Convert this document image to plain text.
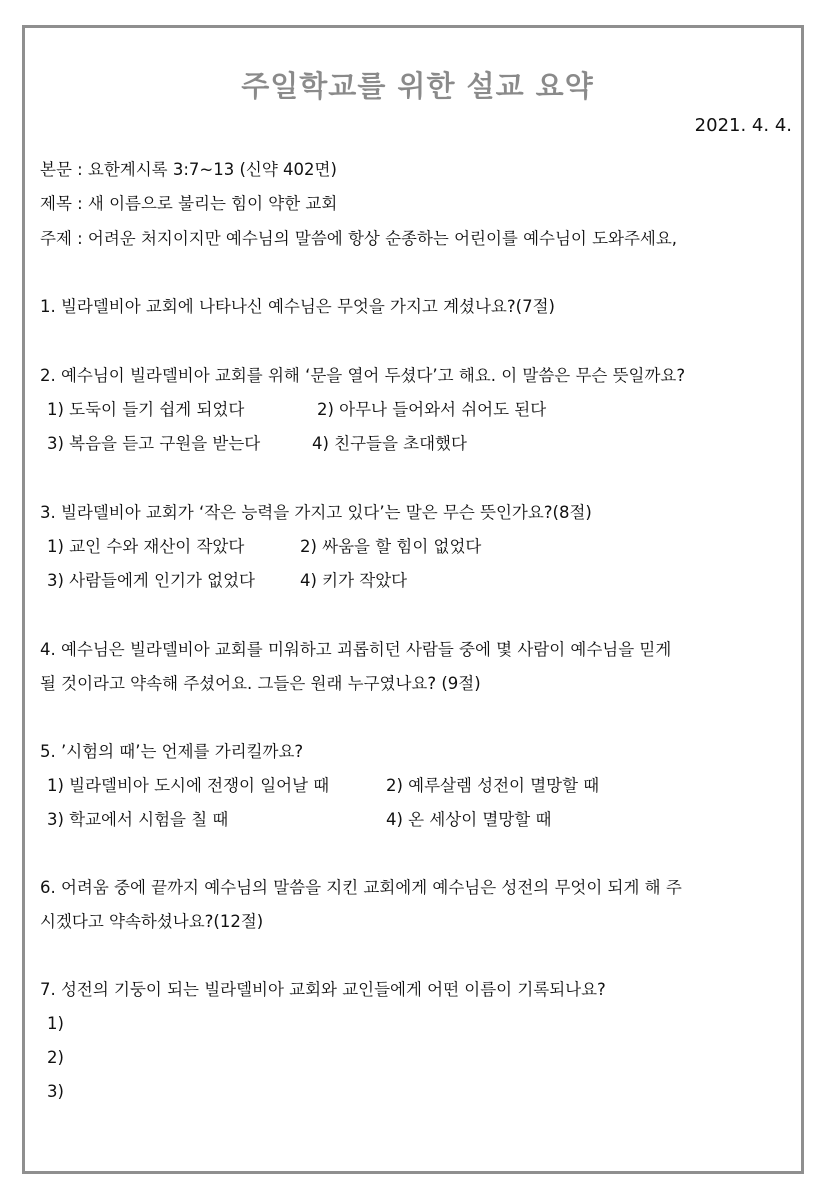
주일학교를 위한 설교 요약
2021. 4. 4.
본문 : 요한계시록 3:7~13 (신약 402면)
제목 : 새 이름으로 불리는 힘이 약한 교회
주제 : 어려운 처지이지만 예수님의 말씀에 항상 순종하는 어린이를 예수님이 도와주세요,
1. 빌라델비아 교회에 나타나신 예수님은 무엇을 가지고 계셨나요?(7절)
2. 예수님이 빌라델비아 교회를 위해 ‘문을 열어 두셨다’고 해요. 이 말씀은 무슨 뜻일까요?
1) 도둑이 들기 쉽게 되었다	2) 아무나 들어와서 쉬어도 된다
3) 복음을 듣고 구원을 받는다	4) 친구들을 초대했다
3. 빌라델비아 교회가 ‘작은 능력을 가지고 있다’는 말은 무슨 뜻인가요?(8절)
1) 교인 수와 재산이 작았다	2) 싸움을 할 힘이 없었다
3) 사람들에게 인기가 없었다	4) 키가 작았다
4. 예수님은 빌라델비아 교회를 미워하고 괴롭히던 사람들 중에 몇 사람이 예수님을 믿게
될 것이라고 약속해 주셨어요. 그들은 원래 누구였나요? (9절)
5. ’시험의 때’는 언제를 가리킬까요?
1) 빌라델비아 도시에 전쟁이 일어날 때	2) 예루살렘 성전이 멸망할 때
3) 학교에서 시험을 칠 때	4) 온 세상이 멸망할 때
6. 어려움 중에 끝까지 예수님의 말씀을 지킨 교회에게 예수님은 성전의 무엇이 되게 해 주
시겠다고 약속하셨나요?(12절)
7. 성전의 기둥이 되는 빌라델비아 교회와 교인들에게 어떤 이름이 기록되나요?
1)
2)
3)
